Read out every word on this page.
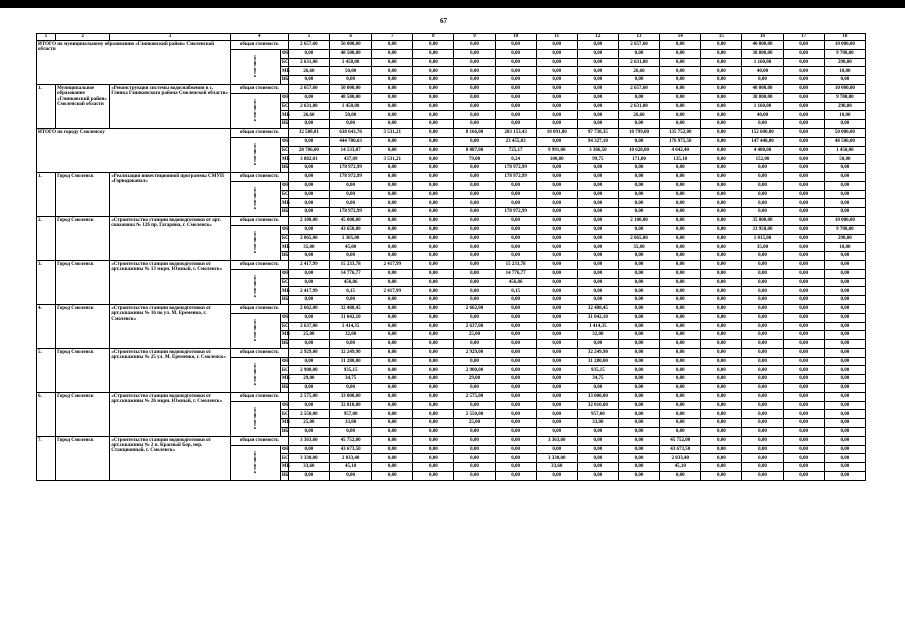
67
1	2	3	4		5	6	7	8	9	10	11	12	13	14	15	16	17	18
ИТОГО по муниципальному образованию «Глинковский район» Смоленской области			общая стоимость		2 657,60	50 000,00	0,00	0,00	0,00	0,00	0,00	0,00	2 657,60	0,00	0,00	40 000,00	0,00	10 000,00
			в том числе:	ФБ	0,00	48 500,00	0,00	0,00	0,00	0,00	0,00	0,00	0,00	0,00	0,00	38 800,00	0,00	9 700,00
				БС	2 631,00	1 450,00	0,00	0,00	0,00	0,00	0,00	0,00	2 631,00	0,00	0,00	1 160,00	0,00	290,00
				МБ	26,60	50,00	0,00	0,00	0,00	0,00	0,00	0,00	26,60	0,00	0,00	40,00	0,00	10,00
				ВБ	0,00	0,00	0,00	0,00	0,00	0,00	0,00	0,00	0,00	0,00	0,00	0,00	0,00	0,00
1.	Муниципальное образование «Глинковский район» Смоленской области	«Реконструкция системы водоснабжения в с. Глинка Глинковского района Смоленской области»	общая стоимость		2 657,60	50 000,00	0,00	0,00	0,00	0,00	0,00	0,00	2 657,60	0,00	0,00	40 000,00	0,00	10 000,00
			в том числе:	ФБ	0,00	48 500,00	0,00	0,00	0,00	0,00	0,00	0,00	0,00	0,00	0,00	38 800,00	0,00	9 700,00
				БС	2 631,00	1 450,00	0,00	0,00	0,00	0,00	0,00	0,00	2 631,00	0,00	0,00	1 160,00	0,00	290,00
				МБ	26,60	50,00	0,00	0,00	0,00	0,00	0,00	0,00	26,60	0,00	0,00	40,00	0,00	10,00
				ВБ	0,00	0,00	0,00	0,00	0,00	0,00	0,00	0,00	0,00	0,00	0,00	0,00	0,00	0,00
ИТОГО по городу Смоленску			общая стоимость		32 588,01	638 643,76	3 531,21	0,00	8 166,00	203 153,43	10 091,80	97 738,35	10 799,00	135 752,00	0,00	152 600,00	0,00	50 000,00
			в том числе:	ФБ	0,00	444 700,63	0,00	0,00	0,00	23 455,03	0,00	94 327,10	0,00	176 975,50	0,00	147 440,00	0,00	48 500,00
				БС	28 706,00	14 533,07	0,00	0,00	8 087,00	725,17	9 991,00	3 306,50	10 628,00	4 642,40	0,00	4 408,00	0,00	1 450,00
				МБ	3 882,01	437,09	3 531,21	0,00	79,00	0,24	100,80	99,75	171,00	135,10	0,00	152,00	0,00	50,00
				ВБ	0,00	178 972,99	0,00	0,00	0,00	178 972,99	0,00	0,00	0,00	0,00	0,00	0,00	0,00	0,00
1.	Город Смоленск	«Реализация инвестиционной программы СМУП «Горводоканал»	общая стоимость		0,00	178 972,99	0,00	0,00	0,00	178 972,99	0,00	0,00	0,00	0,00	0,00	0,00	0,00	0,00
			в том числе:	ФБ	0,00	0,00	0,00	0,00	0,00	0,00	0,00	0,00	0,00	0,00	0,00	0,00	0,00	0,00
				БС	0,00	0,00	0,00	0,00	0,00	0,00	0,00	0,00	0,00	0,00	0,00	0,00	0,00	0,00
				МБ	0,00	0,00	0,00	0,00	0,00	0,00	0,00	0,00	0,00	0,00	0,00	0,00	0,00	0,00
				ВБ	0,00	178 972,99	0,00	0,00	0,00	178 972,99	0,00	0,00	0,00	0,00	0,00	0,00	0,00	0,00
2.	Город Смоленск	«Строительство станции водоподготовки от арт. скважины № 12б пр. Гагарина, г. Смоленск»	общая стоимость		2 100,00	45 000,00	0,00	0,00	0,00	0,00	0,00	0,00	2 100,00	0,00	0,00	35 000,00	0,00	10 000,00
			в том числе:	ФБ	0,00	43 650,00	0,00	0,00	0,00	0,00	0,00	0,00	0,00	0,00	0,00	33 950,00	0,00	9 700,00
				БС	2 065,00	1 305,00	0,00	0,00	0,00	0,00	0,00	0,00	2 065,00	0,00	0,00	1 015,00	0,00	290,00
				МБ	35,00	45,00	0,00	0,00	0,00	0,00	0,00	0,00	35,00	0,00	0,00	35,00	0,00	10,00
				ВБ	0,00	0,00	0,00	0,00	0,00	0,00	0,00	0,00	0,00	0,00	0,00	0,00	0,00	0,00
3.	Город Смоленск	«Строительство станции водоподготовки от арт.скважины № 13 мкрн. Южный, г. Смоленск»	общая стоимость		2 417,99	15 233,78	2 417,99	0,00	0,00	15 233,78	0,00	0,00	0,00	0,00	0,00	0,00	0,00	0,00
			в том числе:	ФБ	0,00	14 776,77	0,00	0,00	0,00	14 776,77	0,00	0,00	0,00	0,00	0,00	0,00	0,00	0,00
				БС	0,00	456,86	0,00	0,00	0,00	456,86	0,00	0,00	0,00	0,00	0,00	0,00	0,00	0,00
				МБ	2 417,99	0,15	2 417,99	0,00	0,00	0,15	0,00	0,00	0,00	0,00	0,00	0,00	0,00	0,00
				ВБ	0,00	0,00	0,00	0,00	0,00	0,00	0,00	0,00	0,00	0,00	0,00	0,00	0,00	0,00
4.	Город Смоленск	«Строительство станции водоподготовки от арт.скважины № 16 по ул. М. Еременко, г. Смоленск»	общая стоимость		2 662,00	32 488,45	0,00	0,00	2 662,00	0,00	0,00	32 488,45	0,00	0,00	0,00	0,00	0,00	0,00
			в том числе:	ФБ	0,00	31 042,10	0,00	0,00	0,00	0,00	0,00	31 042,10	0,00	0,00	0,00	0,00	0,00	0,00
				БС	2 637,00	1 414,35	0,00	0,00	2 637,00	0,00	0,00	1 414,35	0,00	0,00	0,00	0,00	0,00	0,00
				МБ	25,00	32,00	0,00	0,00	25,00	0,00	0,00	32,00	0,00	0,00	0,00	0,00	0,00	0,00
				ВБ	0,00	0,00	0,00	0,00	0,00	0,00	0,00	0,00	0,00	0,00	0,00	0,00	0,00	0,00
5.	Город Смоленск	«Строительство станции водоподготовки от арт.скважины № 25 ул. М. Еременко, г. Смоленск»	общая стоимость		2 929,00	32 249,90	0,00	0,00	2 929,00	0,00	0,00	32 249,90	0,00	0,00	0,00	0,00	0,00	0,00
			в том числе:	ФБ	0,00	31 280,00	0,00	0,00	0,00	0,00	0,00	31 280,00	0,00	0,00	0,00	0,00	0,00	0,00
				БС	2 900,00	935,15	0,00	0,00	2 900,00	0,00	0,00	935,15	0,00	0,00	0,00	0,00	0,00	0,00
				МБ	29,00	34,75	0,00	0,00	29,00	0,00	0,00	34,75	0,00	0,00	0,00	0,00	0,00	0,00
				ВБ	0,00	0,00	0,00	0,00	0,00	0,00	0,00	0,00	0,00	0,00	0,00	0,00	0,00	0,00
6.	Город Смоленск	«Строительство станции водоподготовки от арт.скважины № 26 мкрн. Южный, г. Смоленск»	общая стоимость		2 575,00	33 000,00	0,00	0,00	2 575,00	0,00	0,00	33 000,00	0,00	0,00	0,00	0,00	0,00	0,00
			в том числе:	ФБ	0,00	32 010,00	0,00	0,00	0,00	0,00	0,00	32 010,00	0,00	0,00	0,00	0,00	0,00	0,00
				БС	2 550,00	957,00	0,00	0,00	2 550,00	0,00	0,00	957,00	0,00	0,00	0,00	0,00	0,00	0,00
				МБ	25,00	33,00	0,00	0,00	25,00	0,00	0,00	33,00	0,00	0,00	0,00	0,00	0,00	0,00
				ВБ	0,00	0,00	0,00	0,00	0,00	0,00	0,00	0,00	0,00	0,00	0,00	0,00	0,00	0,00
7.	Город Смоленск	«Строительство станции водоподготовки от арт.скважины № 2 п. Красный Бор, пер. Станционный, г. Смоленск»	общая стоимость		3 363,60	45 752,00	0,00	0,00	0,00	0,00	3 363,60	0,00	0,00	45 752,00	0,00	0,00	0,00	0,00
			в том числе:	ФБ	0,00	43 673,50	0,00	0,00	0,00	0,00	0,00	0,00	0,00	43 673,50	0,00	0,00	0,00	0,00
				БС	3 330,00	2 033,40	0,00	0,00	0,00	0,00	3 330,00	0,00	0,00	2 033,40	0,00	0,00	0,00	0,00
				МБ	33,60	45,10	0,00	0,00	0,00	0,00	33,60	0,00	0,00	45,10	0,00	0,00	0,00	0,00
				ВБ	0,00	0,00	0,00	0,00	0,00	0,00	0,00	0,00	0,00	0,00	0,00	0,00	0,00	0,00
